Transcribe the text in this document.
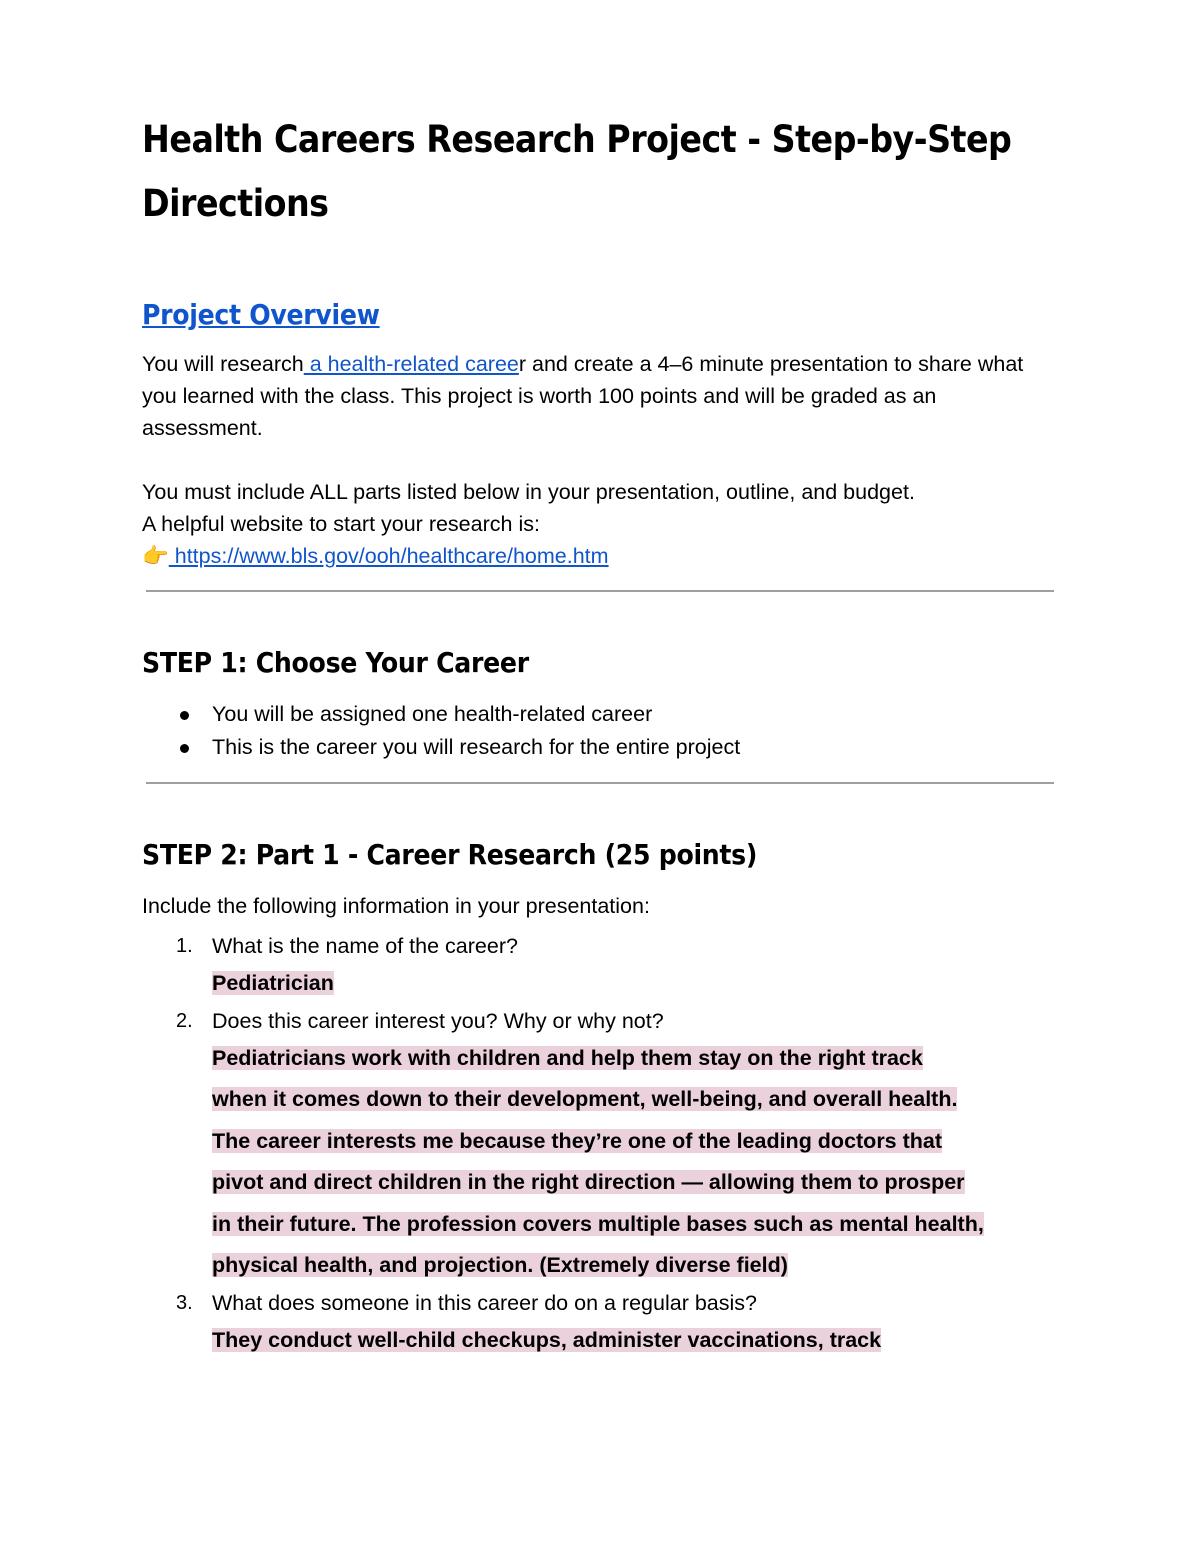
Health Careers Research Project - Step-by-Step
Directions
Project Overview

You will research a health-related career and create a 4–6 minute presentation to share what you learned with the class. This project is worth 100 points and will be graded as an assessment.

You must include ALL parts listed below in your presentation, outline, and budget.
A helpful website to start your research is:
👉 https://www.bls.gov/ooh/healthcare/home.htm

STEP 1: Choose Your Career
You will be assigned one health-related career
This is the career you will research for the entire project
STEP 2: Part 1 - Career Research (25 points)

Include the following information in your presentation:

1. What is the name of the career?
Pediatrician
2. Does this career interest you? Why or why not?
Pediatricians work with children and help them stay on the right track
when it comes down to their development, well-being, and overall health.
The career interests me because they’re one of the leading doctors that
pivot and direct children in the right direction — allowing them to prosper
in their future. The profession covers multiple bases such as mental health,
physical health, and projection. (Extremely diverse field)
3. What does someone in this career do on a regular basis?
They conduct well-child checkups, administer vaccinations, track
